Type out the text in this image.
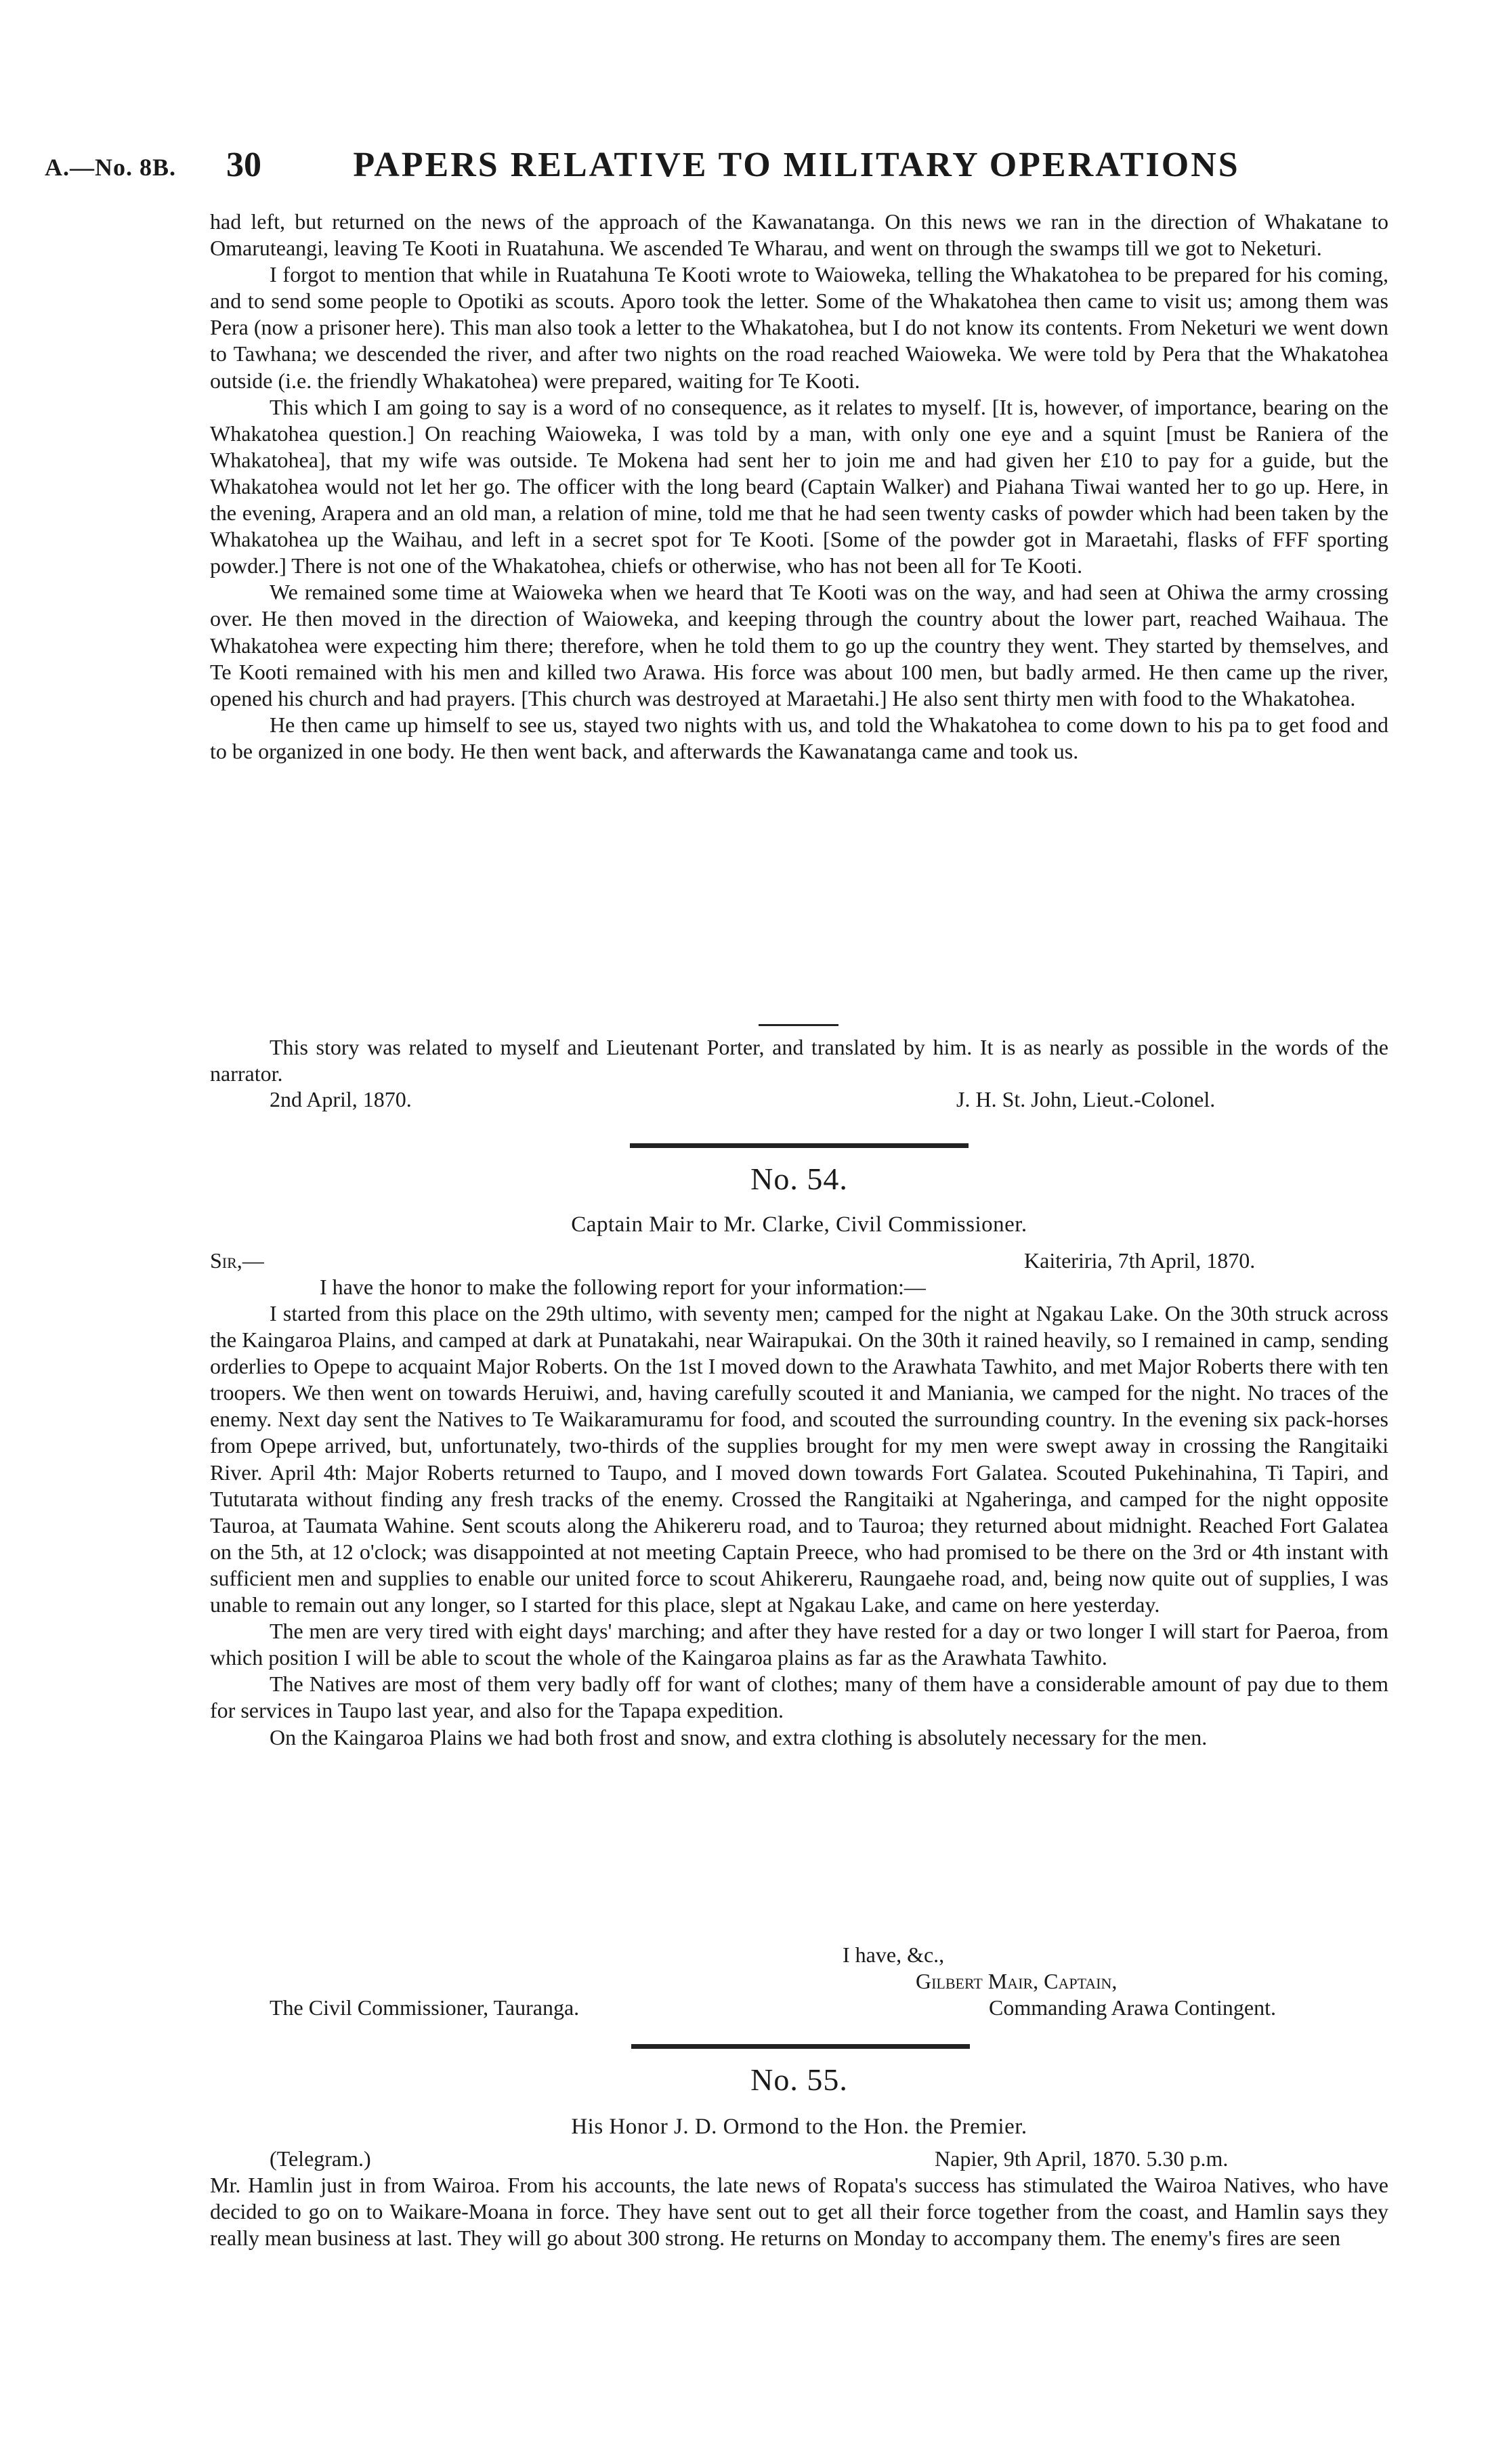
A.—No. 8B. 30	PAPERS RELATIVE TO MILITARY OPERATIONS

had left, but returned on the news of the approach of the Kawanatanga. On this news we ran in the direction of Whakatane to Omaruteangi, leaving Te Kooti in Ruatahuna. We ascended Te Wharau, and went on through the swamps till we got to Neketuri.

I forgot to mention that while in Ruatahuna Te Kooti wrote to Waioweka, telling the Whakatohea to be prepared for his coming, and to send some people to Opotiki as scouts. Aporo took the letter. Some of the Whakatohea then came to visit us; among them was Pera (now a prisoner here). This man also took a letter to the Whakatohea, but I do not know its contents. From Neketuri we went down to Tawhana; we descended the river, and after two nights on the road reached Waioweka. We were told by Pera that the Whakatohea outside (i.e. the friendly Whakatohea) were prepared, waiting for Te Kooti.

This which I am going to say is a word of no consequence, as it relates to myself. [It is, however, of importance, bearing on the Whakatohea question.] On reaching Waioweka, I was told by a man, with only one eye and a squint [must be Raniera of the Whakatohea], that my wife was outside. Te Mokena had sent her to join me and had given her £10 to pay for a guide, but the Whakatohea would not let her go. The officer with the long beard (Captain Walker) and Piahana Tiwai wanted her to go up. Here, in the evening, Arapera and an old man, a relation of mine, told me that he had seen twenty casks of powder which had been taken by the Whakatohea up the Waihau, and left in a secret spot for Te Kooti. [Some of the powder got in Maraetahi, flasks of FFF sporting powder.] There is not one of the Whakatohea, chiefs or otherwise, who has not been all for Te Kooti.

We remained some time at Waioweka when we heard that Te Kooti was on the way, and had seen at Ohiwa the army crossing over. He then moved in the direction of Waioweka, and keeping through the country about the lower part, reached Waihaua. The Whakatohea were expecting him there; therefore, when he told them to go up the country they went. They started by themselves, and Te Kooti remained with his men and killed two Arawa. His force was about 100 men, but badly armed. He then came up the river, opened his church and had prayers. [This church was destroyed at Maraetahi.] He also sent thirty men with food to the Whakatohea.

He then came up himself to see us, stayed two nights with us, and told the Whakatohea to come down to his pa to get food and to be organized in one body. He then went back, and afterwards the Kawanatanga came and took us.

This story was related to myself and Lieutenant Porter, and translated by him. It is as nearly as possible in the words of the narrator.

2nd April, 1870.	J. H. St. John, Lieut.-Colonel.
No. 54.
Captain Mair to Mr. Clarke, Civil Commissioner.
Sir,—	Kaiteriria, 7th April, 1870.
I have the honor to make the following report for your information:—

I started from this place on the 29th ultimo, with seventy men; camped for the night at Ngakau Lake. On the 30th struck across the Kaingaroa Plains, and camped at dark at Punatakahi, near Wairapukai. On the 30th it rained heavily, so I remained in camp, sending orderlies to Opepe to acquaint Major Roberts. On the 1st I moved down to the Arawhata Tawhito, and met Major Roberts there with ten troopers. We then went on towards Heruiwi, and, having carefully scouted it and Maniania, we camped for the night. No traces of the enemy. Next day sent the Natives to Te Waikaramuramu for food, and scouted the surrounding country. In the evening six pack-horses from Opepe arrived, but, unfortunately, two-thirds of the supplies brought for my men were swept away in crossing the Rangitaiki River. April 4th: Major Roberts returned to Taupo, and I moved down towards Fort Galatea. Scouted Pukehinahina, Ti Tapiri, and Tututarata without finding any fresh tracks of the enemy. Crossed the Rangitaiki at Ngaheringa, and camped for the night opposite Tauroa, at Taumata Wahine. Sent scouts along the Ahikereru road, and to Tauroa; they returned about midnight. Reached Fort Galatea on the 5th, at 12 o'clock; was disappointed at not meeting Captain Preece, who had promised to be there on the 3rd or 4th instant with sufficient men and supplies to enable our united force to scout Ahikereru, Raungaehe road, and, being now quite out of supplies, I was unable to remain out any longer, so I started for this place, slept at Ngakau Lake, and came on here yesterday.

The men are very tired with eight days' marching; and after they have rested for a day or two longer I will start for Paeroa, from which position I will be able to scout the whole of the Kaingaroa plains as far as the Arawhata Tawhito.

The Natives are most of them very badly off for want of clothes; many of them have a considerable amount of pay due to them for services in Taupo last year, and also for the Tapapa expedition.

On the Kaingaroa Plains we had both frost and snow, and extra clothing is absolutely necessary for the men.

I have, &c.,
Gilbert Mair, Captain,
The Civil Commissioner, Tauranga.	Commanding Arawa Contingent.
No. 55.
His Honor J. D. Ormond to the Hon. the Premier.
(Telegram.)	Napier, 9th April, 1870. 5.30 p.m.

Mr. Hamlin just in from Wairoa. From his accounts, the late news of Ropata's success has stimulated the Wairoa Natives, who have decided to go on to Waikare-Moana in force. They have sent out to get all their force together from the coast, and Hamlin says they really mean business at last. They will go about 300 strong. He returns on Monday to accompany them. The enemy's fires are seen
